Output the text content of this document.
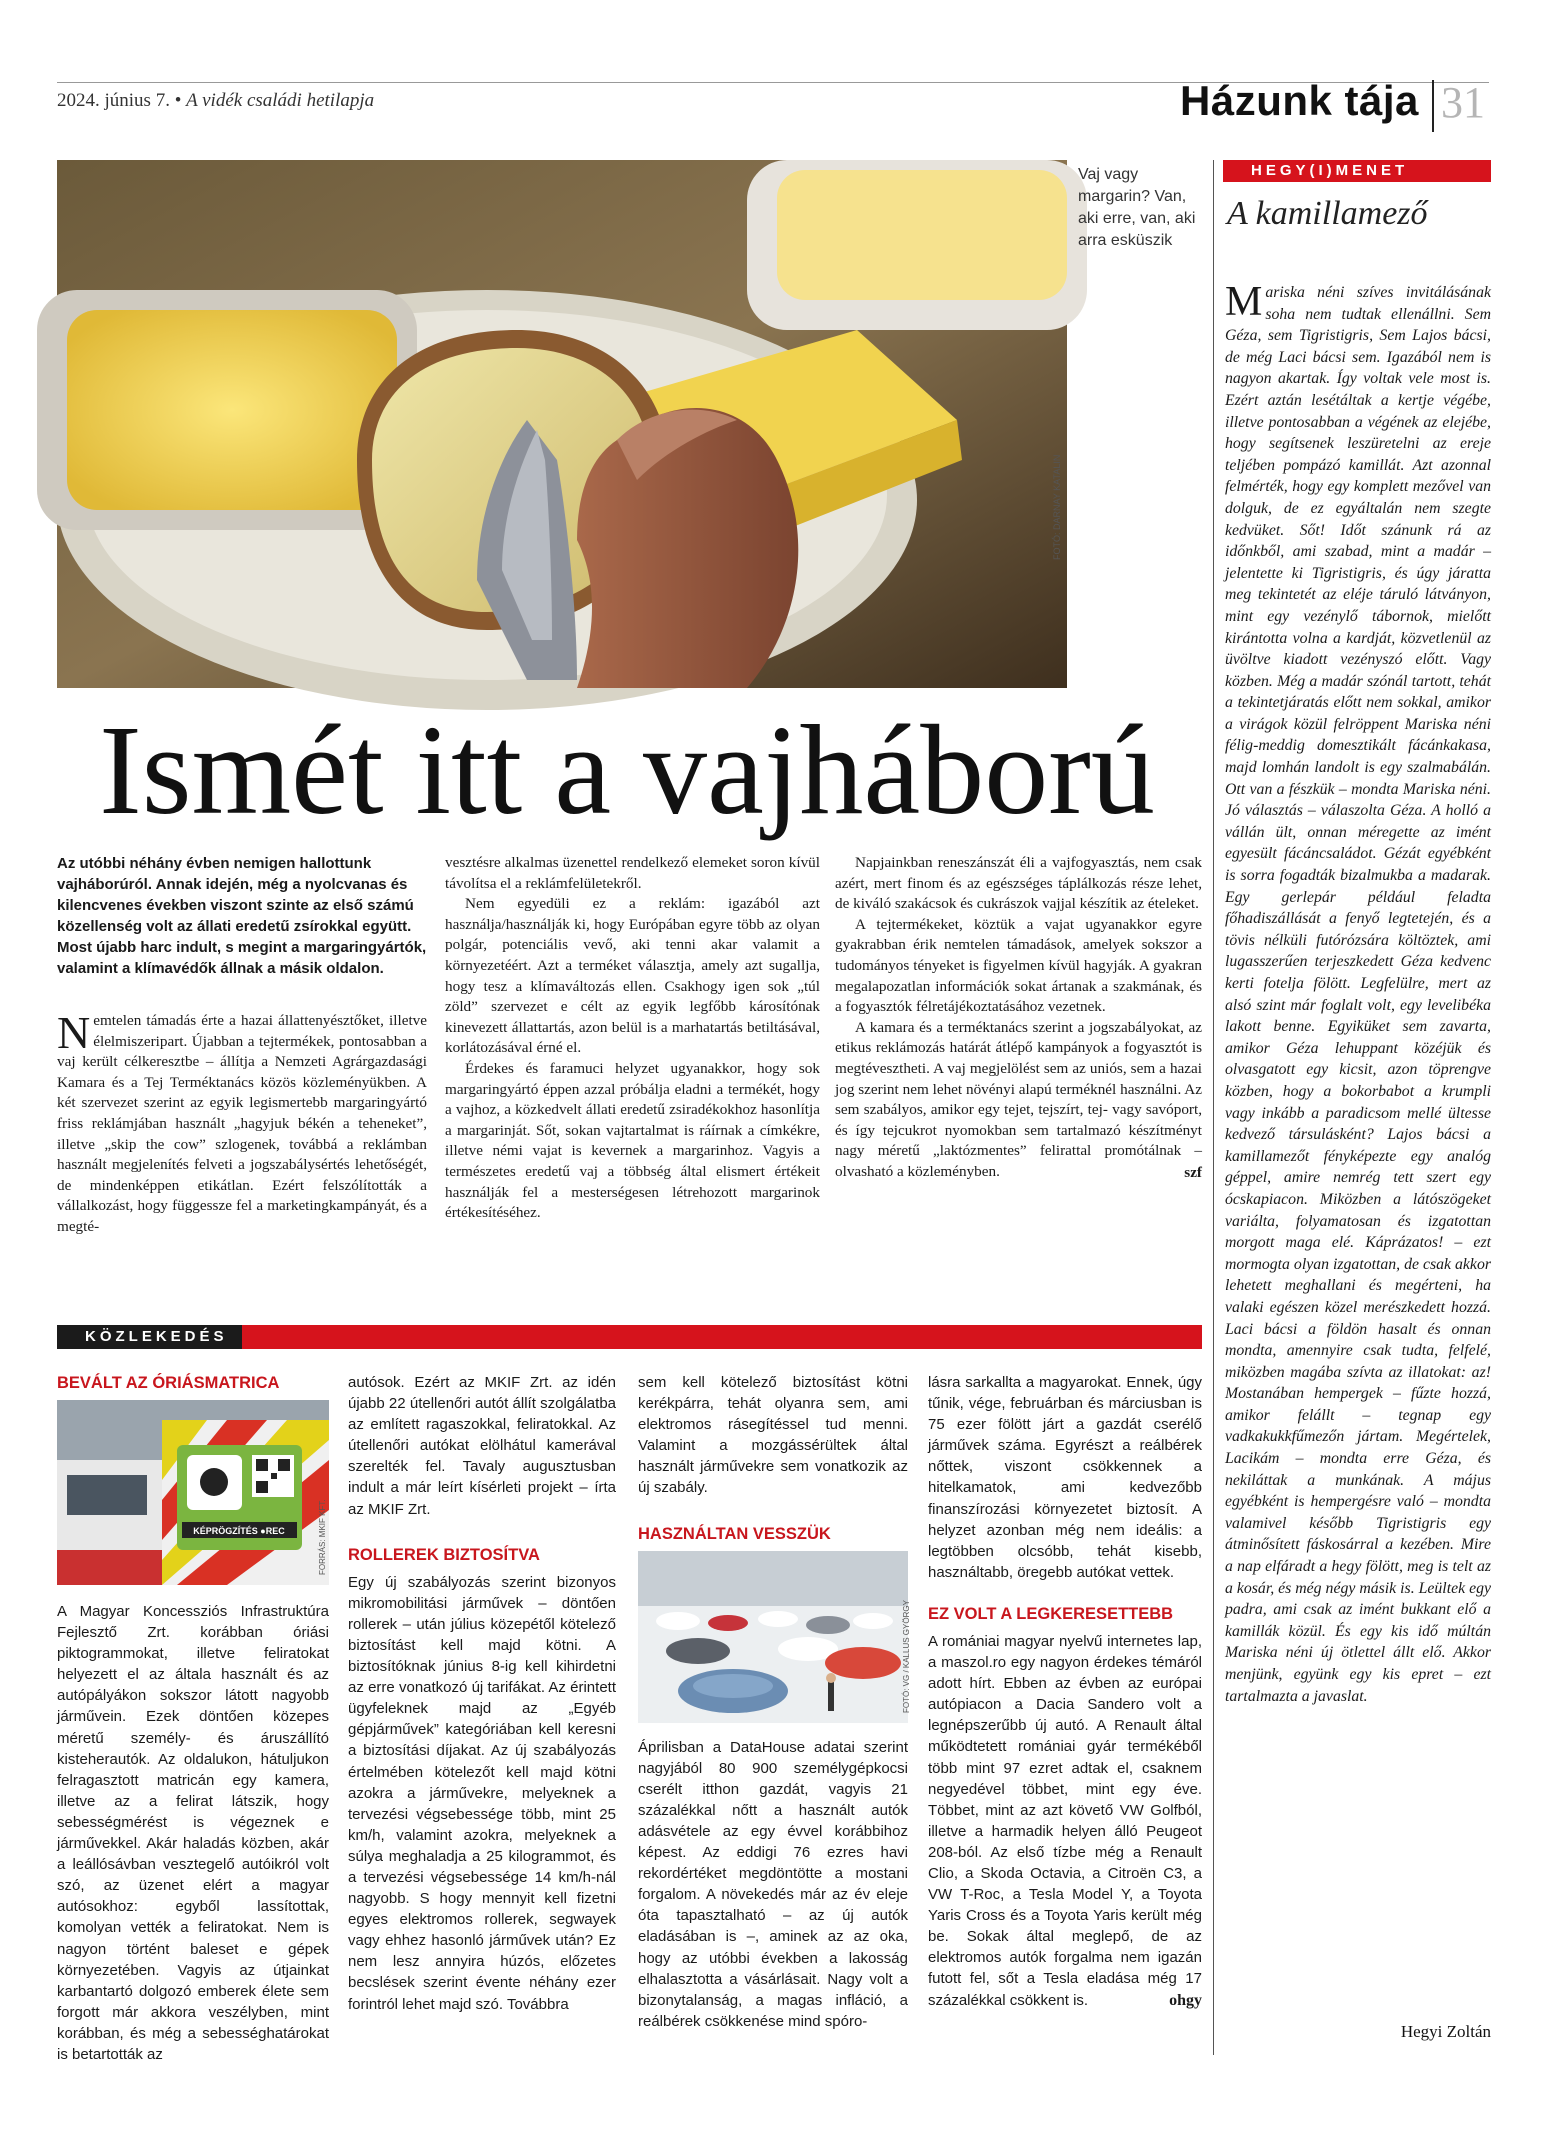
2024. június 7. • A vidék családi hetilapja	Házunk tája 31
FOTÓ: DARNAY KATALIN
Vaj vagy margarin? Van, aki erre, van, aki arra esküszik
Ismét itt a vajháború

Az utóbbi néhány évben nemigen hallottunk vajháborúról. Annak idején, még a nyolcvanas és kilencvenes években viszont szinte az első számú közellenség volt az állati eredetű zsírokkal együtt. Most újabb harc indult, s megint a margaringyártók, valamint a klímavédők állnak a másik oldalon.

Nemtelen támadás érte a hazai állattenyésztőket, illetve élelmiszeripart. Újabban a tejtermékek, pontosabban a vaj került célkeresztbe – állítja a Nemzeti Agrárgazdasági Kamara és a Tej Terméktanács közös közleményükben. A két szervezet szerint az egyik legismertebb margaringyártó friss reklámjában használt „hagyjuk békén a teheneket”, illetve „skip the cow” szlogenek, továbbá a reklámban használt megjelenítés felveti a jogszabálysértés lehetőségét, de mindenképpen etikátlan. Ezért felszólították a vállalkozást, hogy függessze fel a marketingkampányát, és a megté-

vesztésre alkalmas üzenettel rendelkező elemeket soron kívül távolítsa el a reklámfelületekről.

Nem egyedüli ez a reklám: igazából azt használja/használják ki, hogy Európában egyre több az olyan polgár, potenciális vevő, aki tenni akar valamit a környezetéért. Azt a terméket választja, amely azt sugallja, hogy tesz a klímaváltozás ellen. Csakhogy igen sok „túl zöld” szervezet e célt az egyik legfőbb károsítónak kinevezett állattartás, azon belül is a marhatartás betiltásával, korlátozásával érné el.

Érdekes és faramuci helyzet ugyanakkor, hogy sok margaringyártó éppen azzal próbálja eladni a termékét, hogy a vajhoz, a közkedvelt állati eredetű zsiradékokhoz hasonlítja a margarinját. Sőt, sokan vajtartalmat is ráírnak a címkékre, illetve némi vajat is kevernek a margarinhoz. Vagyis a természetes eredetű vaj a többség által elismert értékeit használják fel a mesterségesen létrehozott margarinok értékesítéséhez.

Napjainkban reneszánszát éli a vajfogyasztás, nem csak azért, mert finom és az egészséges táplálkozás része lehet, de kiváló szakácsok és cukrászok vajjal készítik az ételeket.

A tejtermékeket, köztük a vajat ugyanakkor egyre gyakrabban érik nemtelen támadások, amelyek sokszor a tudományos tényeket is figyelmen kívül hagyják. A gyakran megalapozatlan információk sokat ártanak a szakmának, és a fogyasztók félretájékoztatásához vezetnek.

A kamara és a terméktanács szerint a jogszabályokat, az etikus reklámozás határát átlépő kampányok a fogyasztót is megtévesztheti. A vaj megjelölést sem az uniós, sem a hazai jog szerint nem lehet növényi alapú terméknél használni. Az sem szabályos, amikor egy tejet, tejszírt, tej- vagy savóport, és így tejcukrot nyomokban sem tartalmazó készítményt nagy méretű „laktózmentes” felirattal promótálnak – olvasható a közleményben.	szf
KÖZLEKEDÉS
BEVÁLT AZ ÓRIÁSMATRICA
KÉPRÖGZÍTÉS ●REC	FORRÁS: MKIF KFT.

A Magyar Koncessziós Infrastruktúra Fejlesztő Zrt. korábban óriási piktogrammokat, illetve feliratokat helyezett el az általa használt és az autópályákon sokszor látott nagyobb járművein. Ezek döntően közepes méretű személy- és áruszállító kisteherautók. Az oldalukon, hátuljukon felragasztott matricán egy kamera, illetve az a felirat látszik, hogy sebességmérést is végeznek e járművekkel. Akár haladás közben, akár a leállósávban vesztegelő autóikról volt szó, az üzenet elért a magyar autósokhoz: egyből lassítottak, komolyan vették a feliratokat. Nem is nagyon történt baleset e gépek környezetében. Vagyis az útjainkat karbantartó dolgozó emberek élete sem forgott már akkora veszélyben, mint korábban, és még a sebességhatárokat is betartották az

autósok. Ezért az MKIF Zrt. az idén újabb 22 útellenőri autót állít szolgálatba az említett ragaszokkal, feliratokkal. Az útellenőri autókat elölhátul kamerával szerelték fel. Tavaly augusztusban indult a már leírt kísérleti projekt – írta az MKIF Zrt.

ROLLEREK BIZTOSÍTVA

Egy új szabályozás szerint bizonyos mikromobilitási járművek – döntően rollerek – után július közepétől kötelező biztosítást kell majd kötni. A biztosítóknak június 8-ig kell kihirdetni az erre vonatkozó új tarifákat. Az érintett ügyfeleknek majd az „Egyéb gépjárművek” kategóriában kell keresni a biztosítási díjakat. Az új szabályozás értelmében kötelezőt kell majd kötni azokra a járművekre, melyeknek a tervezési végsebessége több, mint 25 km/h, valamint azokra, melyeknek a súlya meghaladja a 25 kilogrammot, és a tervezési végsebessége 14 km/h-nál nagyobb. S hogy mennyit kell fizetni egyes elektromos rollerek, segwayek vagy ehhez hasonló járművek után? Ez nem lesz annyira húzós, előzetes becslések szerint évente néhány ezer forintról lehet majd szó. Továbbra

sem kell kötelező biztosítást kötni kerékpárra, tehát olyanra sem, ami elektromos rásegítéssel tud menni. Valamint a mozgássérültek által használt járművekre sem vonatkozik az új szabály.

HASZNÁLTAN VESSZÜK
FOTÓ: VG / KALLUS GYÖRGY

Áprilisban a DataHouse adatai szerint nagyjából 80 900 személygépkocsi cserélt itthon gazdát, vagyis 21 százalékkal nőtt a használt autók adásvétele az egy évvel korábbihoz képest. Az eddigi 76 ezres havi rekordértéket megdöntötte a mostani forgalom. A növekedés már az év eleje óta tapasztalható – az új autók eladásában is –, aminek az az oka, hogy az utóbbi években a lakosság elhalasztotta a vásárlásait. Nagy volt a bizonytalanság, a magas infláció, a reálbérek csökkenése mind spóro-

lásra sarkallta a magyarokat. Ennek, úgy tűnik, vége, februárban és márciusban is 75 ezer fölött járt a gazdát cserélő járművek száma. Egyrészt a reálbérek nőttek, viszont csökkennek a hitelkamatok, ami kedvezőbb finanszírozási környezetet biztosít. A helyzet azonban még nem ideális: a legtöbben olcsóbb, tehát kisebb, használtabb, öregebb autókat vettek.

EZ VOLT A LEGKERESETTEBB

A romániai magyar nyelvű internetes lap, a maszol.ro egy nagyon érdekes témáról adott hírt. Ebben az évben az európai autópiacon a Dacia Sandero volt a legnépszerűbb új autó. A Renault által működtetett romániai gyár termékéből több mint 97 ezret adtak el, csaknem negyedével többet, mint egy éve. Többet, mint az azt követő VW Golfból, illetve a harmadik helyen álló Peugeot 208-ból. Az első tízbe még a Renault Clio, a Skoda Octavia, a Citroën C3, a VW T-Roc, a Tesla Model Y, a Toyota Yaris Cross és a Toyota Yaris került még be. Sokak által meglepő, de az elektromos autók forgalma nem igazán futott fel, sőt a Tesla eladása még 17 százalékkal csökkent is.	ohgy
HEGY(I)MENET
A kamillamező
Mariska néni szíves invitálásának soha nem tudtak ellenállni. Sem Géza, sem Tigristigris, Sem Lajos bácsi, de még Laci bácsi sem. Igazából nem is nagyon akartak. Így voltak vele most is. Ezért aztán lesétáltak a kertje végébe, illetve pontosabban a végének az elejébe, hogy segítsenek leszüretelni az ereje teljében pompázó kamillát. Azt azonnal felmérték, hogy egy komplett mezővel van dolguk, de ez egyáltalán nem szegte kedvüket. Sőt! Időt szánunk rá az időnkből, ami szabad, mint a madár – jelentette ki Tigristigris, és úgy járatta meg tekintetét az eléje táruló látványon, mint egy vezénylő tábornok, mielőtt kirántotta volna a kardját, közvetlenül az üvöltve kiadott vezényszó előtt. Vagy közben. Még a madár szónál tartott, tehát a tekintetjáratás előtt nem sokkal, amikor a virágok közül felröppent Mariska néni félig-meddig domesztikált fácánkakasa, majd lomhán landolt is egy szalmabálán. Ott van a fészkük – mondta Mariska néni. Jó választás – válaszolta Géza. A holló a vállán ült, onnan méregette az imént egyesült fácáncsaládot. Gézát egyébként is sorra fogadták bizalmukba a madarak. Egy gerlepár például feladta főhadiszállását a fenyő legtetején, és a tövis nélküli futórózsára költöztek, ami lugasszerűen terjeszkedett Géza kedvenc kerti fotelja fölött. Legfelülre, mert az alsó szint már foglalt volt, egy levelibéka lakott benne. Egyiküket sem zavarta, amikor Géza lehuppant közéjük és olvasgatott egy kicsit, azon töprengve közben, hogy a bokorbabot a krumpli vagy inkább a paradicsom mellé ültesse kedvező társulásként? Lajos bácsi a kamillamezőt fényképezte egy analóg géppel, amire nemrég tett szert egy ócskapiacon. Miközben a látószögeket variálta, folyamatosan és izgatottan morgott maga elé. Káprázatos! – ezt mormogta olyan izgatottan, de csak akkor lehetett meghallani és megérteni, ha valaki egészen közel merészkedett hozzá. Laci bácsi a földön hasalt és onnan mondta, amennyire csak tudta, felfelé, miközben magába szívta az illatokat: az! Mostanában hempergek – fűzte hozzá, amikor felállt – tegnap egy vadkakukkfűmezőn jártam. Megértelek, Lacikám – mondta erre Géza, és nekiláttak a munkának. A május egyébként is hempergésre való – mondta valamivel később Tigristigris egy átminősített fáskosárral a kezében. Mire a nap elfáradt a hegy fölött, meg is telt az a kosár, és még négy másik is. Leültek egy padra, ami csak az imént bukkant elő a kamillák közül. És egy kis idő múltán Mariska néni új ötlettel állt elő. Akkor menjünk, együnk egy kis epret – ezt tartalmazta a javaslat.
Hegyi Zoltán
